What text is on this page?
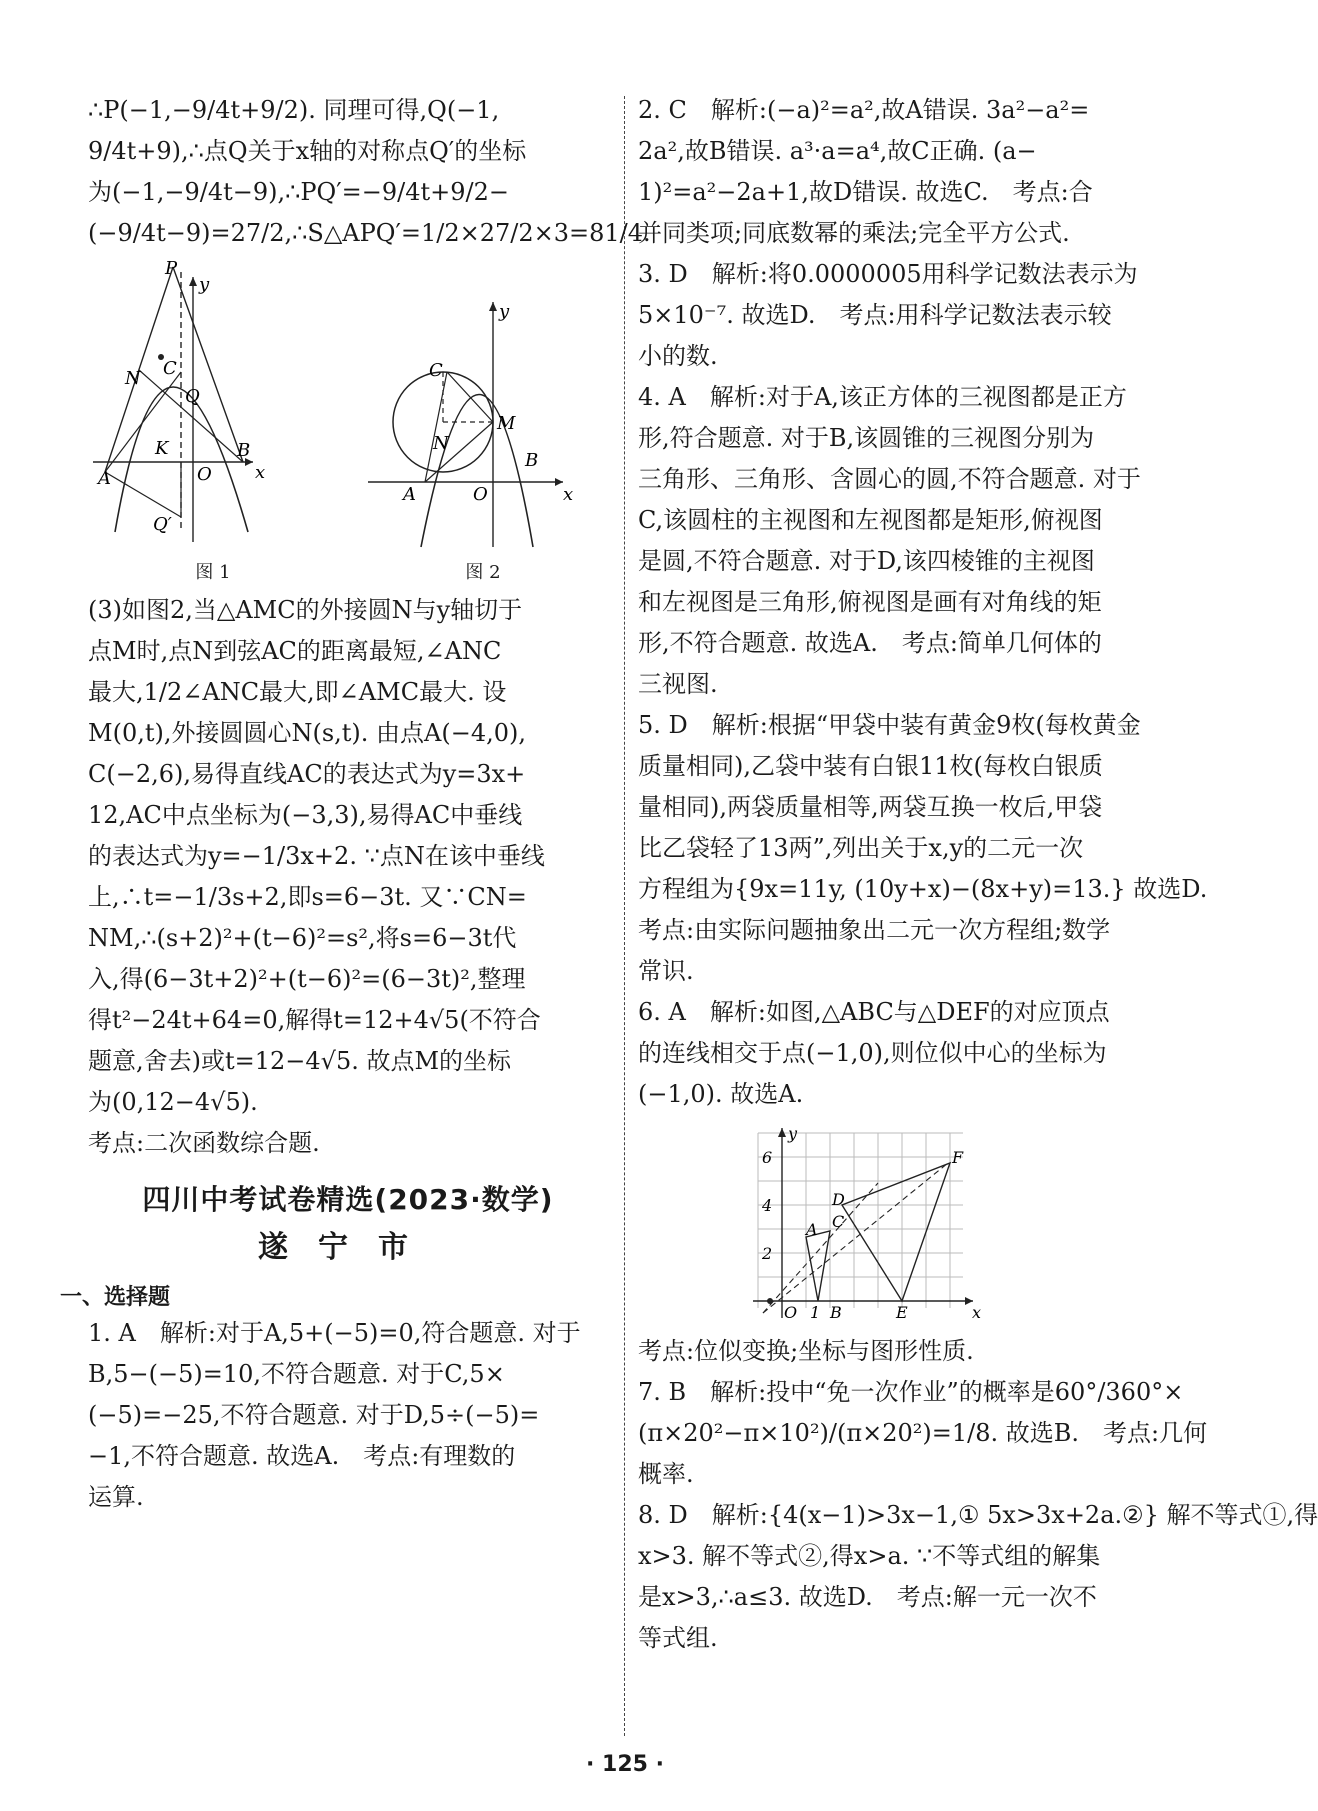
∴P(−1,−9/4t+9/2). 同理可得,Q(−1,

9/4t+9),∴点Q关于x轴的对称点Q′的坐标

为(−1,−9/4t−9),∴PQ′=−9/4t+9/2−

(−9/4t−9)=27/2,∴S△APQ′=1/2×27/2×3=81/4.

P
y
N C
Q
K	B
A	O x
Q′
图 1
y
C
N
M
B
A	O	x
图 2

(3)如图2,当△AMC的外接圆N与y轴切于

点M时,点N到弦AC的距离最短,∠ANC

最大,1/2∠ANC最大,即∠AMC最大. 设

M(0,t),外接圆圆心N(s,t). 由点A(−4,0),

C(−2,6),易得直线AC的表达式为y=3x+

12,AC中点坐标为(−3,3),易得AC中垂线

的表达式为y=−1/3x+2. ∵点N在该中垂线

上,∴t=−1/3s+2,即s=6−3t. 又∵CN=

NM,∴(s+2)²+(t−6)²=s²,将s=6−3t代

入,得(6−3t+2)²+(t−6)²=(6−3t)²,整理

得t²−24t+64=0,解得t=12+4√5(不符合

题意,舍去)或t=12−4√5. 故点M的坐标

为(0,12−4√5).

考点:二次函数综合题.

四川中考试卷精选(2023·数学)
遂宁市
一、选择题

1. A　解析:对于A,5+(−5)=0,符合题意. 对于

B,5−(−5)=10,不符合题意. 对于C,5×

(−5)=−25,不符合题意. 对于D,5÷(−5)=

−1,不符合题意. 故选A.　考点:有理数的

运算.

2. C　解析:(−a)²=a²,故A错误. 3a²−a²=

2a²,故B错误. a³·a=a⁴,故C正确. (a−

1)²=a²−2a+1,故D错误. 故选C.　考点:合

并同类项;同底数幂的乘法;完全平方公式.

3. D　解析:将0.0000005用科学记数法表示为

5×10⁻⁷. 故选D.　考点:用科学记数法表示较

小的数.

4. A　解析:对于A,该正方体的三视图都是正方

形,符合题意. 对于B,该圆锥的三视图分别为

三角形、三角形、含圆心的圆,不符合题意. 对于

C,该圆柱的主视图和左视图都是矩形,俯视图

是圆,不符合题意. 对于D,该四棱锥的主视图

和左视图是三角形,俯视图是画有对角线的矩

形,不符合题意. 故选A.　考点:简单几何体的

三视图.

5. D　解析:根据“甲袋中装有黄金9枚(每枚黄金

质量相同),乙袋中装有白银11枚(每枚白银质

量相同),两袋质量相等,两袋互换一枚后,甲袋

比乙袋轻了13两”,列出关于x,y的二元一次

方程组为{9x=11y, (10y+x)−(8x+y)=13.} 故选D.

考点:由实际问题抽象出二元一次方程组;数学

常识.

6. A　解析:如图,△ABC与△DEF的对应顶点

的连线相交于点(−1,0),则位似中心的坐标为

(−1,0). 故选A.

y
6
4
2
O 1 B	E	x
A C
D
F

考点:位似变换;坐标与图形性质.

7. B　解析:投中“免一次作业”的概率是60°/360°×

(π×20²−π×10²)/(π×20²)=1/8. 故选B.　考点:几何

概率.

8. D　解析:{4(x−1)>3x−1,① 5x>3x+2a.②} 解不等式①,得

x>3. 解不等式②,得x>a. ∵不等式组的解集

是x>3,∴a≤3. 故选D.　考点:解一元一次不

等式组.

· 125 ·
